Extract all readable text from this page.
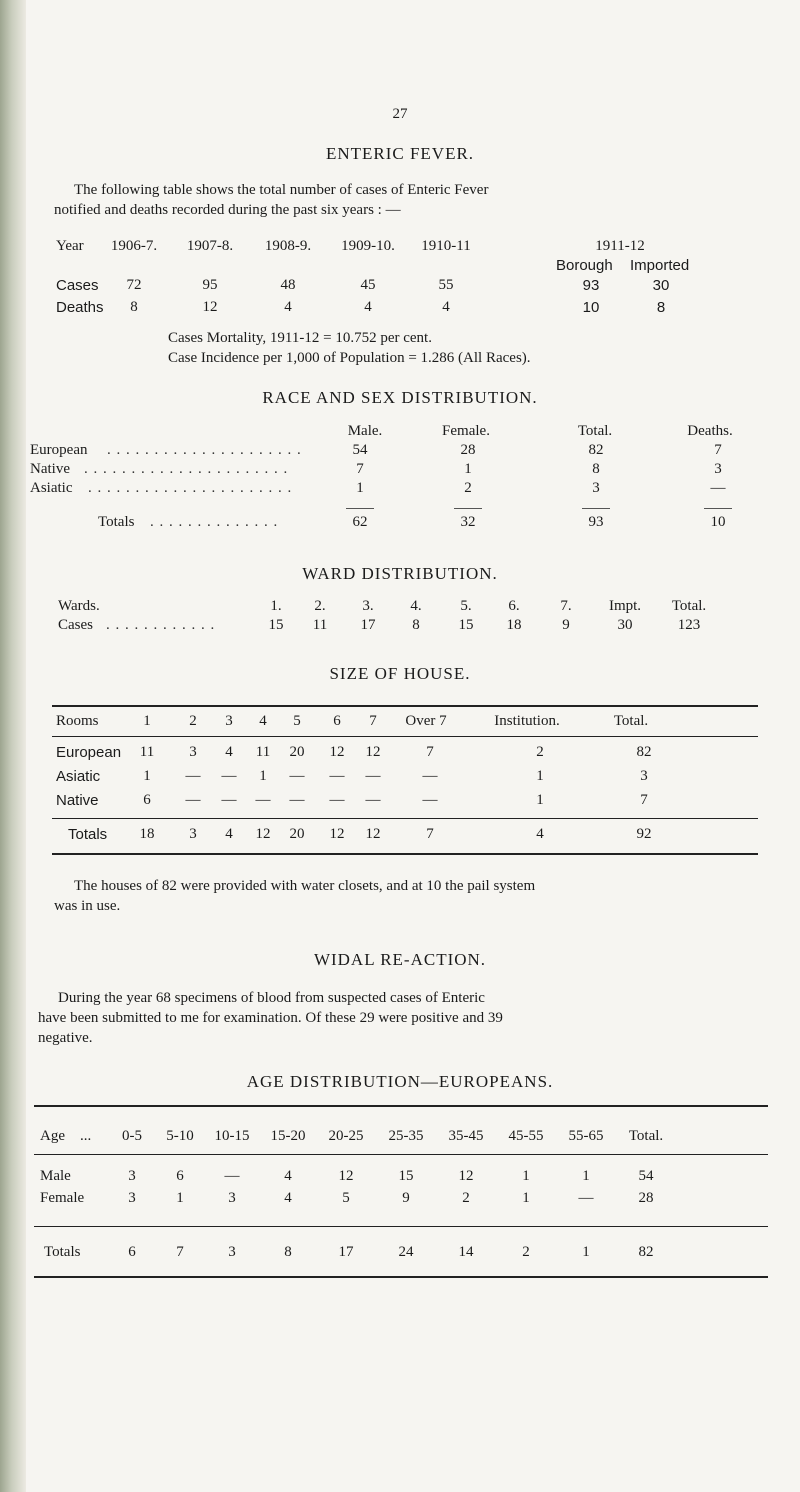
27
ENTERIC FEVER.
The following table shows the total number of cases of Enteric Fever
notified and deaths recorded during the past six years : —
Year	1906-7.	1907-8.	1908-9.	1909-10.	1910-11	1911-12
Borough Imported
Cases	72	95	48	45	55	93	30
Deaths	8	12	4	4	4	10	8
Cases Mortality, 1911-12 = 10.752 per cent.
Case Incidence per 1,000 of Population = 1.286 (All Races).
RACE AND SEX DISTRIBUTION.
Male.	Female.	Total.	Deaths.
European . . . . . . . . . . . . . . . . . . . . .	54	28	82	7
Native . . . . . . . . . . . . . . . . . . . . . .	7	1	8	3
Asiatic . . . . . . . . . . . . . . . . . . . . . .	1	2	3	—
Totals . . . . . . . . . . . . . .	62	32	93	10
WARD DISTRIBUTION.
Wards.	1.	2.	3.	4.	5.	6.	7.	Impt.	Total.
Cases . . . . . . . . . . . .	15	11	17	8	15	18	9	30	123
SIZE OF HOUSE.
Rooms	1	2	3	4	5	6	7	Over 7	Institution.	Total.
European	11	3	4	11	20	12	12	7	2	82
Asiatic	1	—	—	1	—	—	—	—	1	3
Native	6	—	—	—	—	—	—	—	1	7
Totals	18	3	4	12	20	12	12	7	4	92
The houses of 82 were provided with water closets, and at 10 the pail system
was in use.
WIDAL RE-ACTION.
During the year 68 specimens of blood from suspected cases of Enteric
have been submitted to me for examination. Of these 29 were positive and 39
negative.
AGE DISTRIBUTION—EUROPEANS.
Age ...	0-5	5-10	10-15	15-20	20-25	25-35	35-45	45-55	55-65	Total.
Male	3	6	—	4	12	15	12	1	1	54
Female	3	1	3	4	5	9	2	1	—	28
Totals	6	7	3	8	17	24	14	2	1	82
